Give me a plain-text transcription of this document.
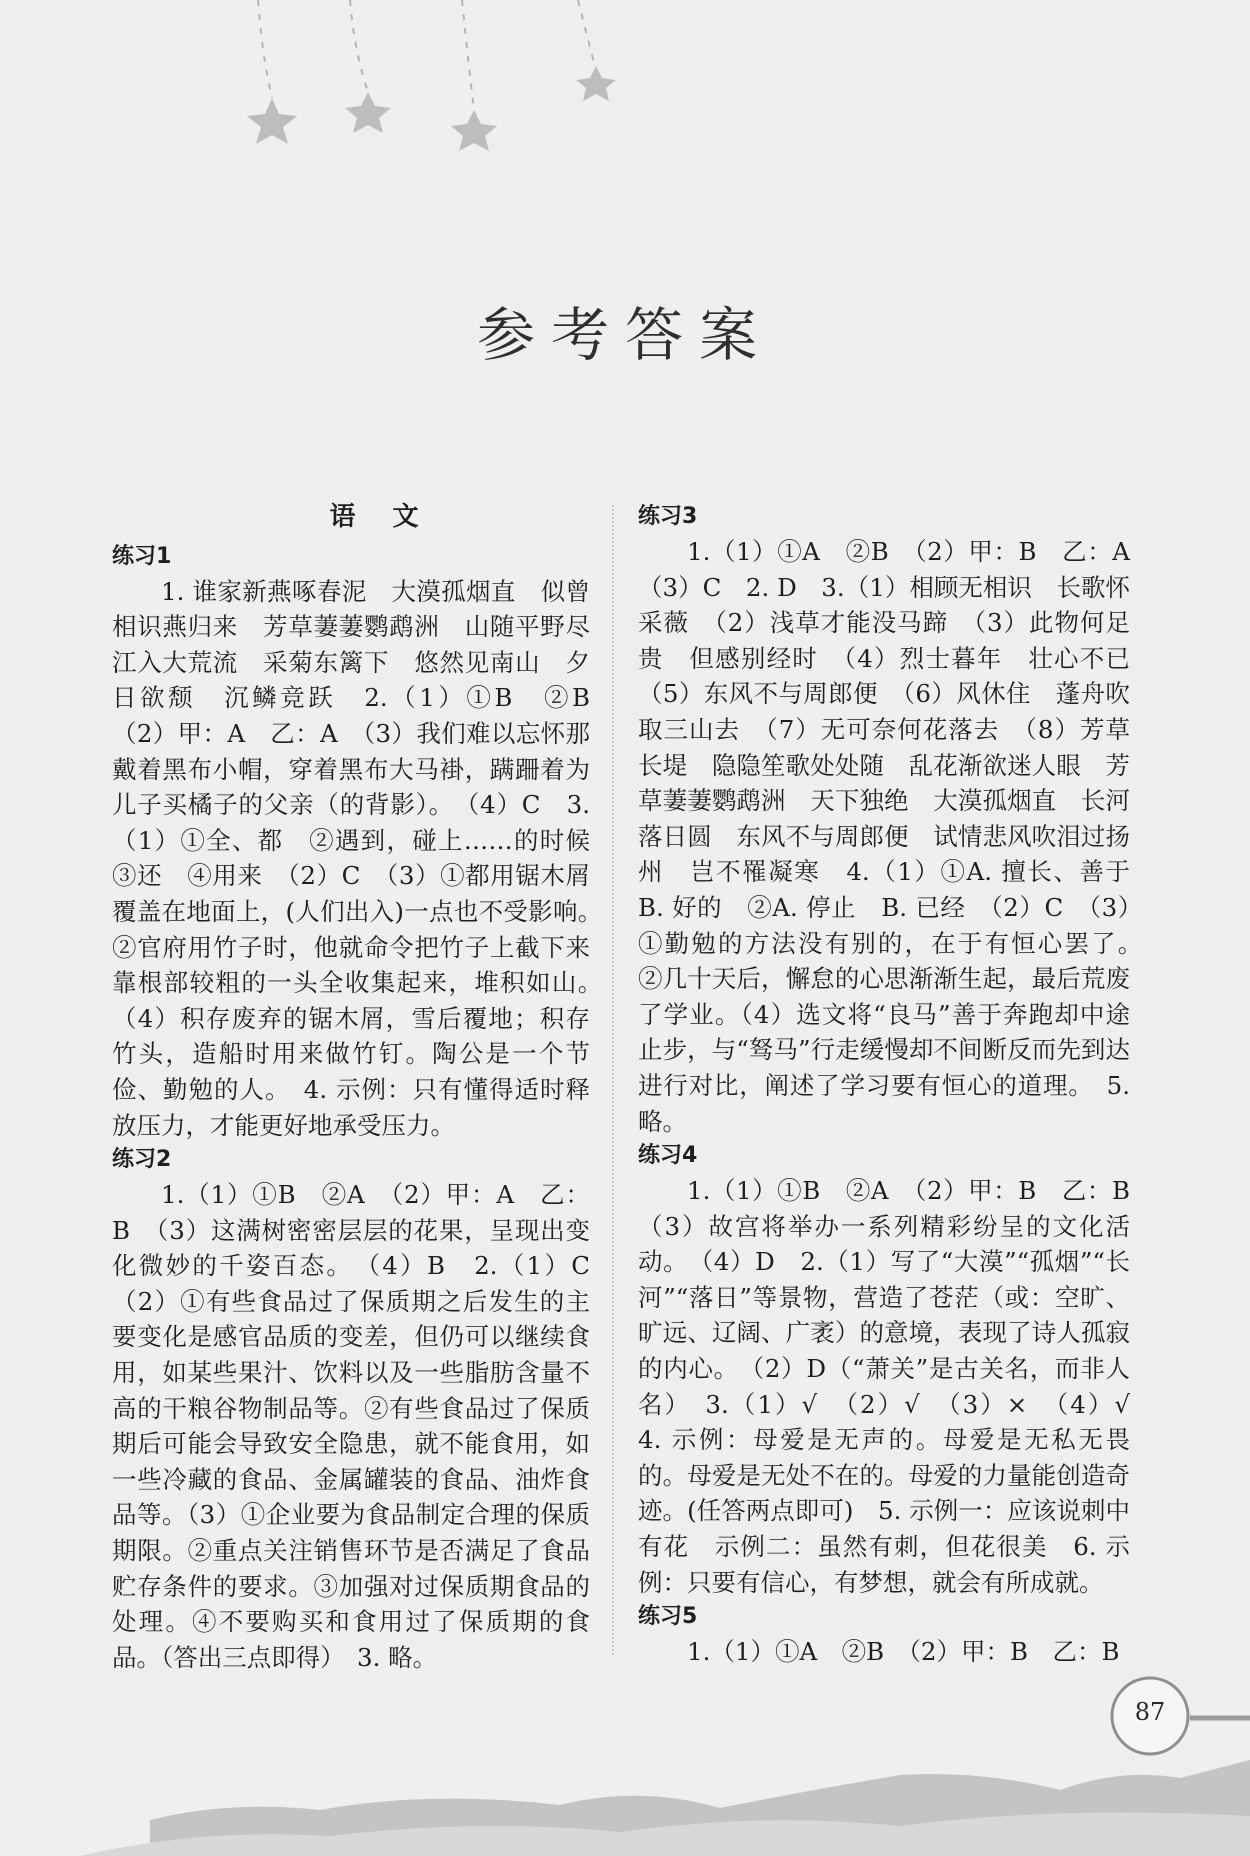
参考答案
语 文
练习1

1. 谁家新燕啄春泥　大漠孤烟直　似曾相识燕归来　芳草萋萋鹦鹉洲　山随平野尽　江入大荒流　采菊东篱下　悠然见南山　夕日欲颓　沉鳞竞跃　2.（1）①B　②B　（2）甲：A　乙：A　（3）我们难以忘怀那戴着黑布小帽，穿着黑布大马褂，蹒跚着为儿子买橘子的父亲（的背影）。　（4）C　3.（1）①全、都　②遇到，碰上……的时候　③还　④用来　（2）C　（3）①都用锯木屑覆盖在地面上，(人们出入)一点也不受影响。　②官府用竹子时，他就命令把竹子上截下来靠根部较粗的一头全收集起来，堆积如山。　（4）积存废弃的锯木屑，雪后覆地；积存竹头，造船时用来做竹钉。陶公是一个节俭、勤勉的人。　4. 示例：只有懂得适时释放压力，才能更好地承受压力。

练习2

1.（1）①B　②A　（2）甲：A　乙：B　（3）这满树密密层层的花果，呈现出变化微妙的千姿百态。　（4）B　2.（1）C　（2）①有些食品过了保质期之后发生的主要变化是感官品质的变差，但仍可以继续食用，如某些果汁、饮料以及一些脂肪含量不高的干粮谷物制品等。②有些食品过了保质期后可能会导致安全隐患，就不能食用，如一些冷藏的食品、金属罐装的食品、油炸食品等。（3）①企业要为食品制定合理的保质期限。②重点关注销售环节是否满足了食品贮存条件的要求。③加强对过保质期食品的处理。④不要购买和食用过了保质期的食品。（答出三点即得）　3. 略。

练习3

1.（1）①A　②B　（2）甲：B　乙：A　（3）C　2. D　3.（1）相顾无相识　长歌怀采薇　（2）浅草才能没马蹄　（3）此物何足贵　但感别经时　（4）烈士暮年　壮心不已　（5）东风不与周郎便　（6）风休住　蓬舟吹取三山去　（7）无可奈何花落去　（8）芳草长堤　隐隐笙歌处处随　乱花渐欲迷人眼　芳草萋萋鹦鹉洲　天下独绝　大漠孤烟直　长河落日圆　东风不与周郎便　试情悲风吹泪过扬州　岂不罹凝寒　4.（1）①A. 擅长、善于　B. 好的　②A. 停止　B. 已经　（2）C　（3）①勤勉的方法没有别的，在于有恒心罢了。　②几十天后，懈怠的心思渐渐生起，最后荒废了学业。（4）选文将“良马”善于奔跑却中途止步，与“驽马”行走缓慢却不间断反而先到达进行对比，阐述了学习要有恒心的道理。　5. 略。

练习4

1.（1）①B　②A　（2）甲：B　乙：B　（3）故宫将举办一系列精彩纷呈的文化活动。　（4）D　2.（1）写了“大漠”“孤烟”“长河”“落日”等景物，营造了苍茫（或：空旷、旷远、辽阔、广袤）的意境，表现了诗人孤寂的内心。　（2）D（“萧关”是古关名，而非人名）　3.（1）√　（2）√　（3）×　（4）√　4. 示例：母爱是无声的。母爱是无私无畏的。母爱是无处不在的。母爱的力量能创造奇迹。(任答两点即可)　5. 示例一：应该说刺中有花　示例二：虽然有刺，但花很美　6. 示例：只要有信心，有梦想，就会有所成就。

练习5

1.（1）①A　②B　（2）甲：B　乙：B

87
